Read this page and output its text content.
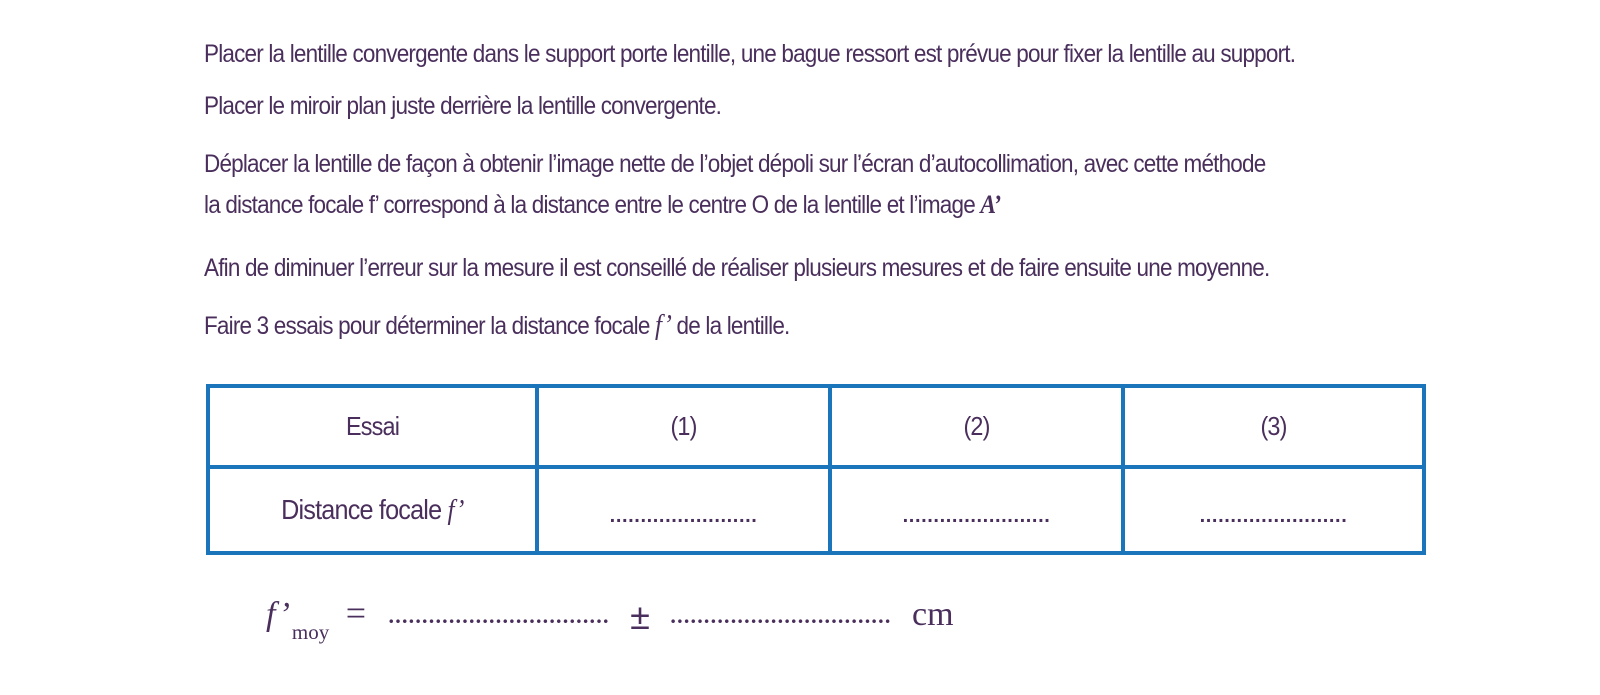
Placer la lentille convergente dans le support porte lentille, une bague ressort est prévue pour fixer la lentille au support.

Placer le miroir plan juste derrière la lentille convergente.

Déplacer la lentille de façon à obtenir l’image nette de l’objet dépoli sur l’écran d’autocollimation, avec cette méthode

la distance focale f’ correspond à la distance entre le centre O de la lentille et l’image A’

Afin de diminuer l’erreur sur la mesure il est conseillé de réaliser plusieurs mesures et de faire ensuite une moyenne.

Faire 3 essais pour déterminer la distance focale f’ de la lentille.

Essai	(1)	(2)	(3)
Distance focale f’	........................	........................	........................
$f’_{moy}$ = ................................. ± ................................. cm
